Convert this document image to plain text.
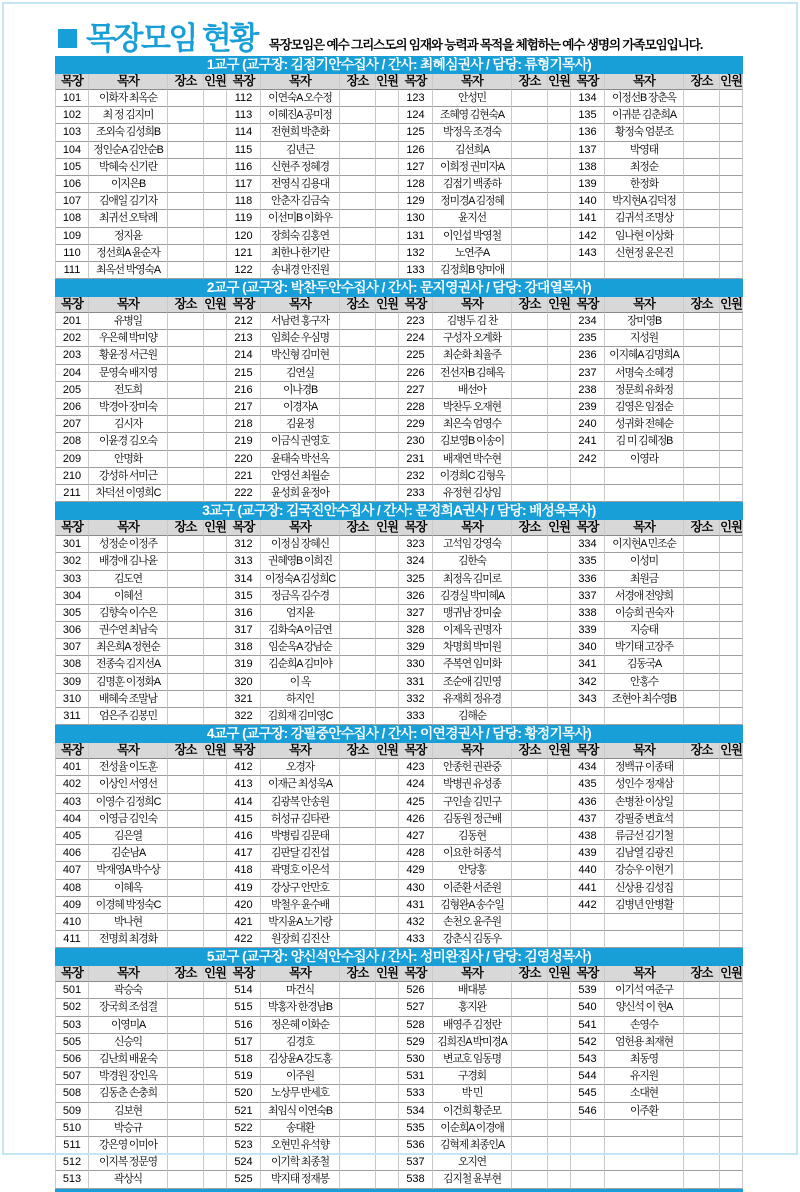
목장모임 현황 목장모임은 예수 그리스도의 임재와 능력과 목적을 체험하는 예수 생명의 가족모임입니다.

1교구 (교구장: 김점기안수집사 / 간사: 최혜심권사 / 담당: 류형기목사)
목장	목자	장소 인원 목장	목자	장소 인원 목장	목자	장소 인원 목장	목자	장소 인원
101	이화자 최옥순	112	이연숙A 오수정	123	안성민	134	이정선B 장춘옥
102	최 정 김지미	113	이혜진A 공미정	124	조혜영 김현숙A	135	이귀분 김춘희A
103	조외숙 김성희B	114	전현희 박춘화	125	박정옥 조경숙	136	황정숙 엄분조
104	정인순A 김안순B	115	김년근	126	김선희A	137	박영태
105	박혜숙 신기란	116	신현주 정혜경	127	이희정 권미자A	138	최정순
106	이지은B	117	전영식 김용대	128	김점기 백종하	139	한정화
107	김애일 김기자	118	안춘자 김금숙	129	정미경A 김정혜	140	박지현A 김덕정
108	최귀선 오탁례	119	이선미B 이화우	130	윤지선	141	김귀석 조명상
109	정지윤	120	장희숙 김홍연	131	이인섭 박영철	142	임나현 이상화
110	정선희A 윤순자	121	최한나 한기란	132	노연주A	143	신현정 윤은진
111	최옥선 박영숙A	122	송내경 안진원	133	김정희B 양미애
2교구 (교구장: 박찬두안수집사 / 간사: 문지영권사 / 담당: 강대열목사)
목장	목자	장소 인원 목장	목자	장소 인원 목장	목자	장소 인원 목장	목자	장소 인원
201	유병일	212	서남련 홍구자	223	김병두 김 찬	234	장미영B
202	우은혜 박미양	213	임희순 우심명	224	구성자 오계화	235	지성원
203	황윤정 서근원	214	박신형 김미현	225	최순화 최율주	236	이지혜A 김명희A
204	문영숙 배지영	215	김연실	226	전선자B 김혜옥	237	서명숙 소혜경
205	전도희	216	이나경B	227	배선아	238	정문희 유화정
206	박경아 장미숙	217	이경자A	228	박찬두 오재현	239	김영은 임점순
207	김시자	218	김윤정	229	최은숙 엄영수	240	성귀화 전혜순
208	이윤경 김오숙	219	이금식 권영호	230	김보영B 이송이	241	김 미 김혜정B
209	안명화	220	윤태숙 박선옥	231	배재연 박수현	242	이영라
210	강성하 서미근	221	안영선 최월순	232	이경희C 김형옥
211	차덕선 이영희C	222	윤성희 윤정아	233	유정현 김상임
3교구 (교구장: 김국진안수집사 / 간사: 문정희A권사 / 담당: 배성욱목사)
목장	목자	장소 인원 목장	목자	장소 인원 목장	목자	장소 인원 목장	목자	장소 인원
301	성정순 이정주	312	이정심 장혜신	323	고석임 강영숙	334	이지현A 민조순
302	배경애 김나윤	313	권혜영B 이희진	324	김한숙	335	이성미
303	김도연	314	이정숙A 김성희C	325	최정옥 김미로	336	최원금
304	이혜선	315	정금옥 김수경	326	김경실 박미혜A	337	서경애 전양희
305	김향숙 이수은	316	엄지윤	327	맹귀남 장미숲	338	이승희 권숙자
306	권수연 최남숙	317	김화숙A 이금연	328	이제옥 권명자	339	지승태
307	최은희A 정현순	318	임순옥A 강남순	329	차명희 박미원	340	박기태 고장주
308	전종숙 김지선A	319	김순희A 김미야	330	주복연 임미화	341	김동국A
309	김명훈 이정화A	320	이 옥	331	조순애 김민영	342	안홍수
310	배혜숙 조말남	321	하지인	332	유재희 정유경	343	조현아 최수영B
311	엄은주 김봉민	322	김희재 김미영C	333	김해순
4교구 (교구장: 강필중안수집사 / 간사: 이연경권사 / 담당: 황정기목사)
목장	목자	장소 인원 목장	목자	장소 인원 목장	목자	장소 인원 목장	목자	장소 인원
401	전성율 이도훈	412	오경자	423	안종헌 권관중	434	정백규 이종태
402	이상인 서영선	413	이재근 최성욱A	424	박병권 유성종	435	성인수 정재삼
403	이영수 김정희C	414	김광복 안송원	425	구인솔 김민구	436	손병찬 이상일
404	이영금 김인숙	415	허성규 김타관	426	김동원 정근배	437	강필중 변효석
405	김은열	416	박병림 김문태	427	김동현	438	류금선 김기철
406	김순남A	417	김판달 김진섭	428	이요한 허종석	439	김남열 김광진
407	박재영A 박수상	418	곽명호 이은석	429	안당홍	440	강승우 이현기
408	이혜옥	419	강상구 안만호	430	이준환 서준원	441	신상용 김성집
409	이경혜 박정숙C	420	박철우 윤수배	431	김형완A 송수일	442	김병년 안병활
410	박나현	421	박지윤A 노기랑	432	손천오 윤주원
411	전명희 최경화	422	원장희 김진산	433	강춘식 김동우
5교구 (교구장: 양신석안수집사 / 간사: 성미완집사 / 담당: 김영성목사)
목장	목자	장소 인원 목장	목자	장소 인원 목장	목자	장소 인원 목장	목자	장소 인원
501	곽승숙	514	마건식	526	배대봉	539	이기석 여준구
502	장국희 조섬결	515	박홍자 한경남B	527	홍지완	540	양신석 이 현A
503	이영미A	516	정은혜 이화순	528	배영주 김정란	541	손영수
505	신승익	517	김경호	529	김희진A 박미경A	542	엄헌용 최재현
506	김난희 배윤숙	518	김상윤A 강도홍	530	변교호 임동명	543	최동영
507	박경원 장인옥	519	이주원	531	구경회	544	유지원
508	김동춘 손충희	520	노상무 반세호	533	박 민	545	소대현
509	김보현	521	최임식 이연숙B	534	이건희 황준모	546	이주환
510	박승규	522	송대환	535	이순희A 이경애
511	강은영 이미아	523	오현민 유석향	536	김혁제 최종인A
512	이지복 정문영	524	이기학 최종철	537	오지연
513	곽상식	525	박지태 정재봉	538	김지철 윤부현
